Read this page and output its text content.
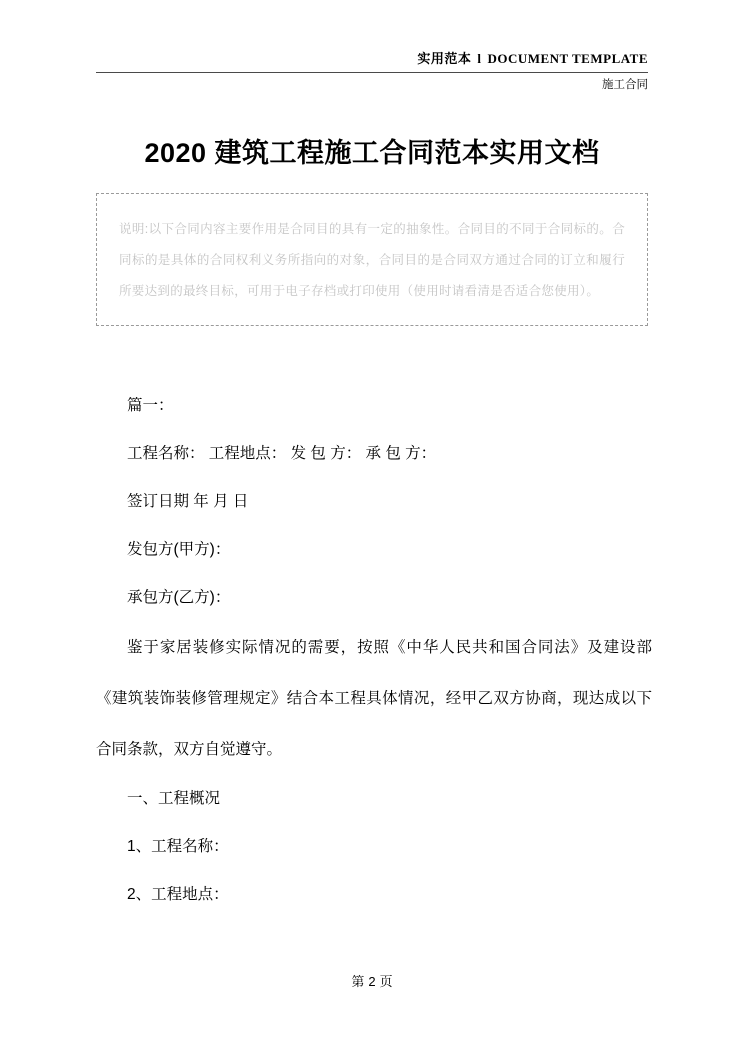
实用范本 l DOCUMENT TEMPLATE
施工合同
2020 建筑工程施工合同范本实用文档
说明:以下合同内容主要作用是合同目的具有一定的抽象性。合同目的不同于合同标的。合同标的是具体的合同权利义务所指向的对象，合同目的是合同双方通过合同的订立和履行所要达到的最终目标，可用于电子存档或打印使用（使用时请看清是否适合您使用）。
篇一：
工程名称： 工程地点： 发 包 方： 承 包 方：
签订日期 年 月 日
发包方(甲方)：
承包方(乙方)：
鉴于家居装修实际情况的需要，按照《中华人民共和国合同法》及建设部《建筑装饰装修管理规定》结合本工程具体情况，经甲乙双方协商，现达成以下合同条款，双方自觉遵守。
一、工程概况
1、工程名称：
2、工程地点：
第 2 页
